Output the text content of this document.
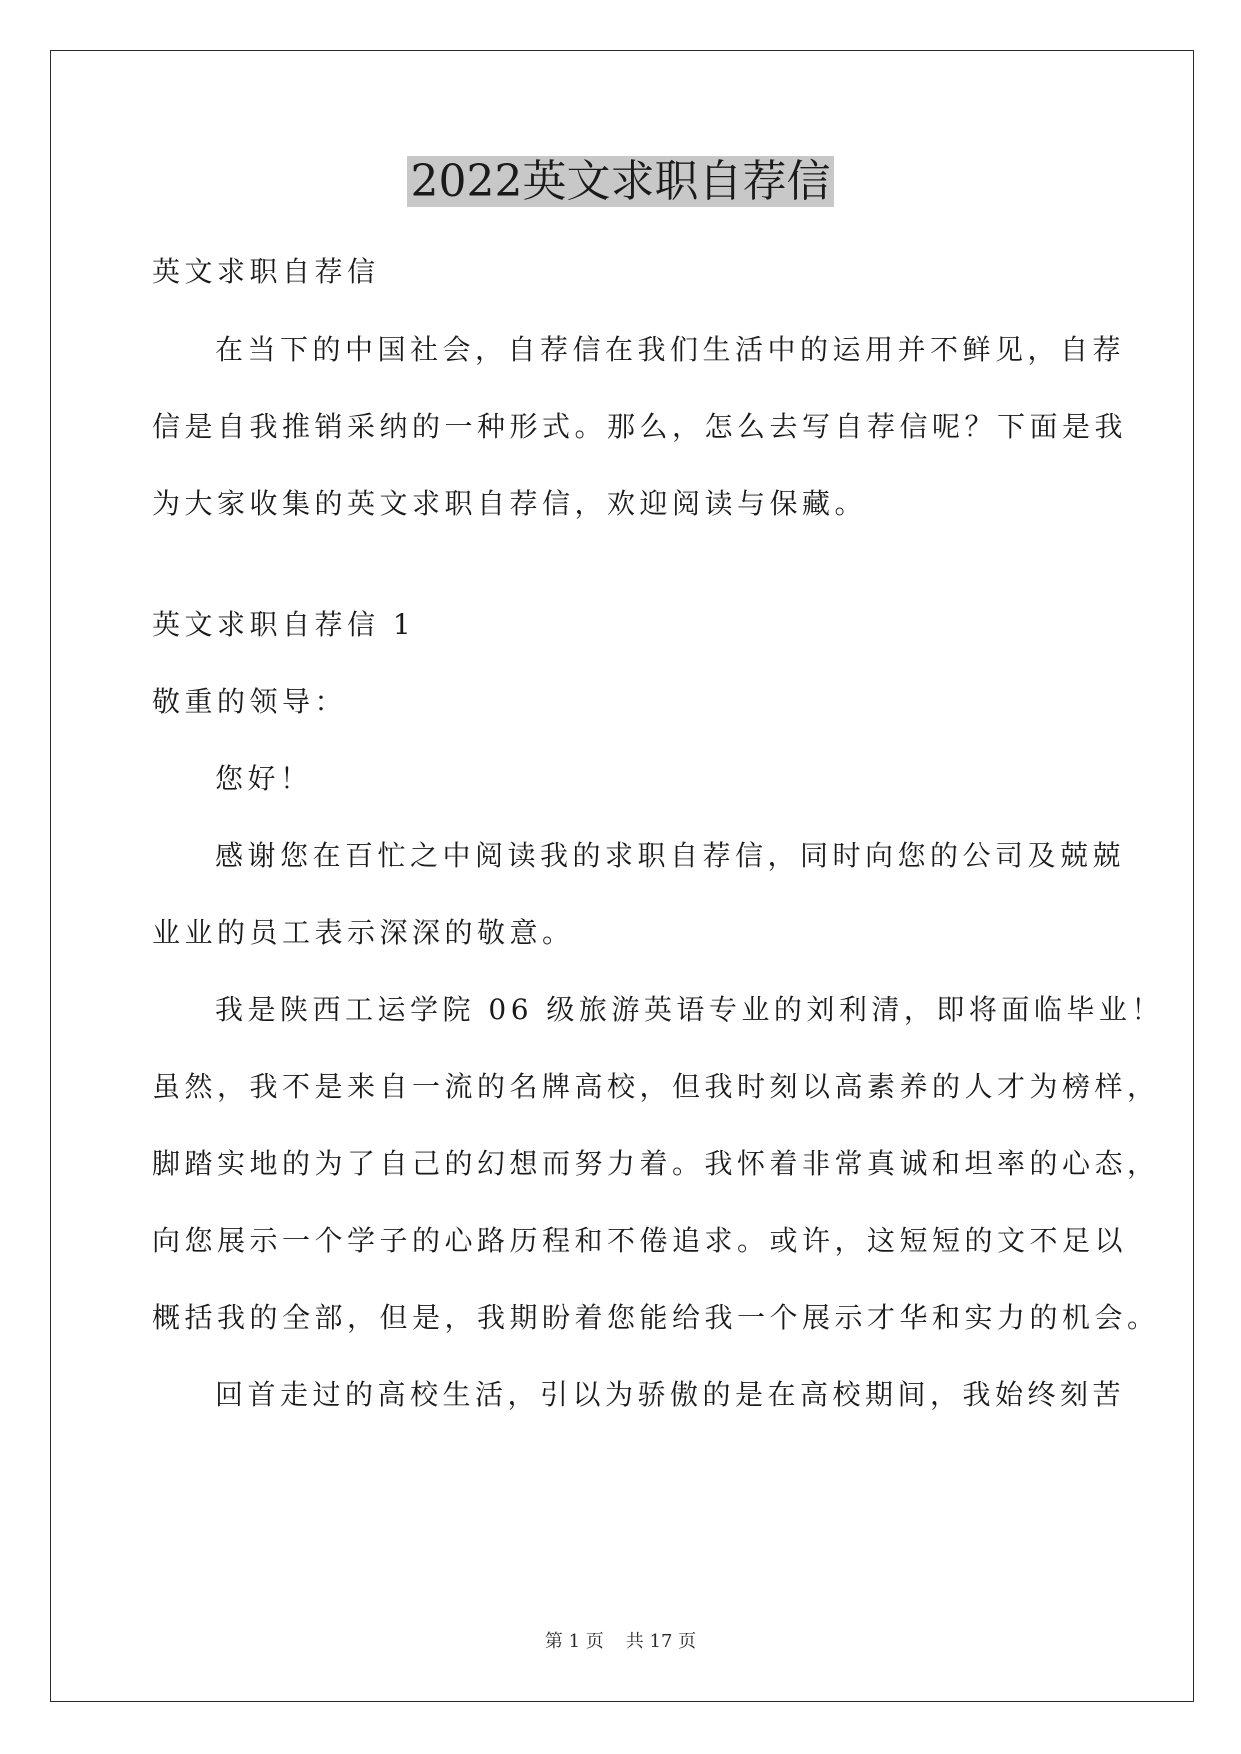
2022英文求职自荐信
英文求职自荐信
在当下的中国社会，自荐信在我们生活中的运用并不鲜见，自荐
信是自我推销采纳的一种形式。那么，怎么去写自荐信呢？下面是我
为大家收集的英文求职自荐信，欢迎阅读与保藏。
英文求职自荐信 1
敬重的领导：
您好！
感谢您在百忙之中阅读我的求职自荐信，同时向您的公司及兢兢
业业的员工表示深深的敬意。
我是陕西工运学院 06 级旅游英语专业的刘利清，即将面临毕业！
虽然，我不是来自一流的名牌高校，但我时刻以高素养的人才为榜样，
脚踏实地的为了自己的幻想而努力着。我怀着非常真诚和坦率的心态，
向您展示一个学子的心路历程和不倦追求。或许，这短短的文不足以
概括我的全部，但是，我期盼着您能给我一个展示才华和实力的机会。
回首走过的高校生活，引以为骄傲的是在高校期间，我始终刻苦
第 1 页 共 17 页
